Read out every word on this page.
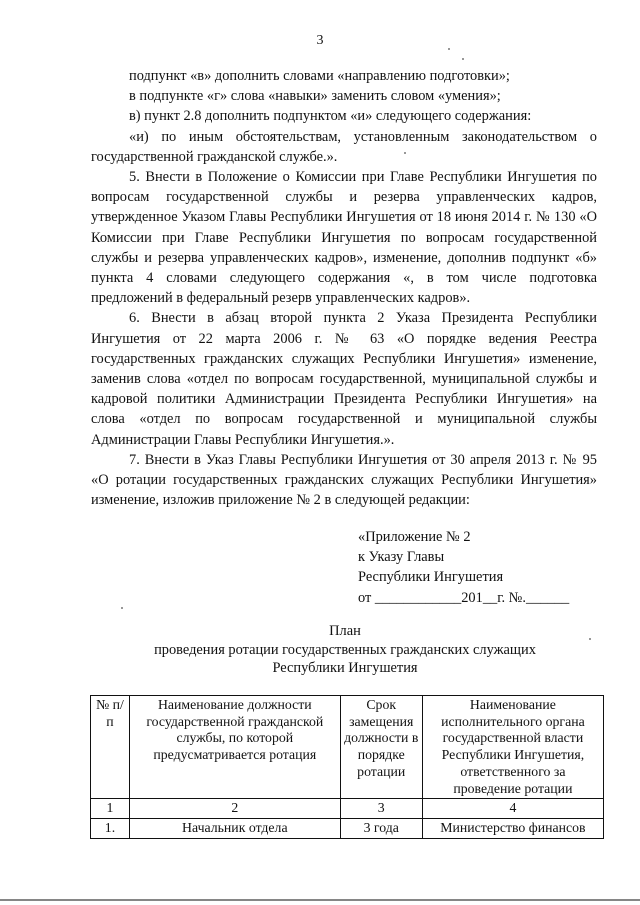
3

подпункт «в» дополнить словами «направлению подготовки»;

в подпункте «г» слова «навыки» заменить словом «умения»;

в) пункт 2.8 дополнить подпунктом «и» следующего содержания:

«и) по иным обстоятельствам, установленным законодательством о государственной гражданской службе.».

5. Внести в Положение о Комиссии при Главе Республики Ингушетия по вопросам государственной службы и резерва управленческих кадров, утвержденное Указом Главы Республики Ингушетия от 18 июня 2014 г. № 130 «О Комиссии при Главе Республики Ингушетия по вопросам государственной службы и резерва управленческих кадров», изменение, дополнив подпункт «б» пункта 4 словами следующего содержания «, в том числе подготовка предложений в федеральный резерв управленческих кадров».

6. Внести в абзац второй пункта 2 Указа Президента Республики Ингушетия от 22 марта 2006 г. № 63 «О порядке ведения Реестра государственных гражданских служащих Республики Ингушетия» изменение, заменив слова «отдел по вопросам государственной, муниципальной службы и кадровой политики Администрации Президента Республики Ингушетия» на слова «отдел по вопросам государственной и муниципальной службы Администрации Главы Республики Ингушетия.».

7. Внести в Указ Главы Республики Ингушетия от 30 апреля 2013 г. № 95 «О ротации государственных гражданских служащих Республики Ингушетия» изменение, изложив приложение № 2 в следующей редакции:

«Приложение № 2
к Указу Главы
Республики Ингушетия
от ____________201__г. №.______
План
проведения ротации государственных гражданских служащих
Республики Ингушетия
№ п/п	Наименование должности государственной гражданской службы, по которой предусматривается ротация	Срок замещения должности в порядке ротации	Наименование исполнительного органа государственной власти Республики Ингушетия, ответственного за проведение ротации
1	2	3	4
1.	Начальник отдела	3 года	Министерство финансов
